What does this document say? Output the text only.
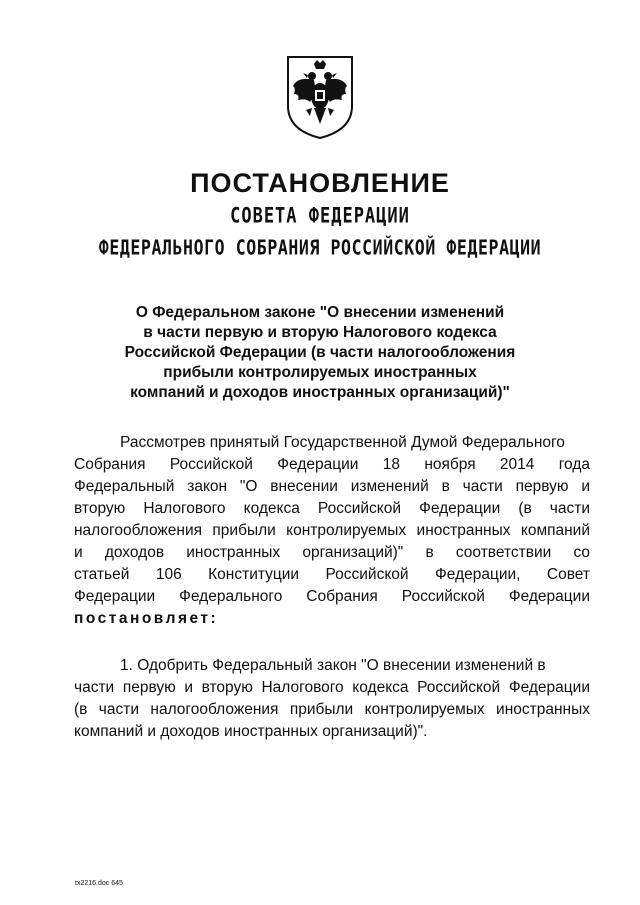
ПОСТАНОВЛЕНИЕ
СОВЕТА ФЕДЕРАЦИИ
ФЕДЕРАЛЬНОГО СОБРАНИЯ РОССИЙСКОЙ ФЕДЕРАЦИИ
О Федеральном законе "О внесении изменений
в части первую и вторую Налогового кодекса
Российской Федерации (в части налогообложения
прибыли контролируемых иностранных
компаний и доходов иностранных организаций)"
Рассмотрев принятый Государственной Думой Федерального
Собрания Российской Федерации 18 ноября 2014 года
Федеральный закон "О внесении изменений в части первую и
вторую Налогового кодекса Российской Федерации (в части
налогообложения прибыли контролируемых иностранных компаний
и доходов иностранных организаций)" в соответствии со
статьей 106 Конституции Российской Федерации, Совет
Федерации Федерального Собрания Российской Федерации
постановляет:
1. Одобрить Федеральный закон "О внесении изменений в
части первую и вторую Налогового кодекса Российской Федерации
(в части налогообложения прибыли контролируемых иностранных
компаний и доходов иностранных организаций)".
tx2216.doc 645
